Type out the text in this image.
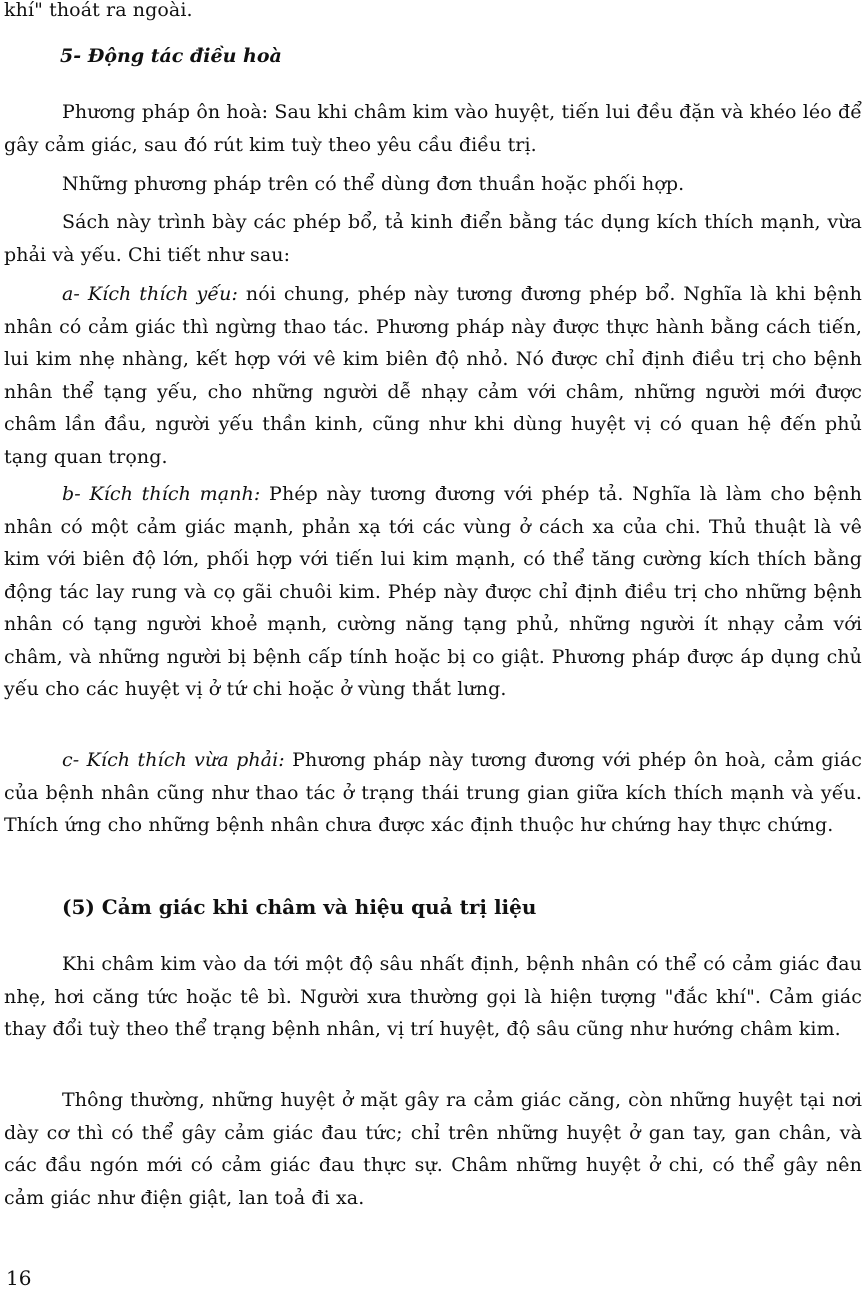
khí" thoát ra ngoài.

5- Động tác điều hoà

Phương pháp ôn hoà: Sau khi châm kim vào huyệt, tiến lui đều đặn và khéo léo để gây cảm giác, sau đó rút kim tuỳ theo yêu cầu điều trị.

Những phương pháp trên có thể dùng đơn thuần hoặc phối hợp.

Sách này trình bày các phép bổ, tả kinh điển bằng tác dụng kích thích mạnh, vừa phải và yếu. Chi tiết như sau:

a- Kích thích yếu: nói chung, phép này tương đương phép bổ. Nghĩa là khi bệnh nhân có cảm giác thì ngừng thao tác. Phương pháp này được thực hành bằng cách tiến, lui kim nhẹ nhàng, kết hợp với vê kim biên độ nhỏ. Nó được chỉ định điều trị cho bệnh nhân thể tạng yếu, cho những người dễ nhạy cảm với châm, những người mới được châm lần đầu, người yếu thần kinh, cũng như khi dùng huyệt vị có quan hệ đến phủ tạng quan trọng.

b- Kích thích mạnh: Phép này tương đương với phép tả. Nghĩa là làm cho bệnh nhân có một cảm giác mạnh, phản xạ tới các vùng ở cách xa của chi. Thủ thuật là vê kim với biên độ lớn, phối hợp với tiến lui kim mạnh, có thể tăng cường kích thích bằng động tác lay rung và cọ gãi chuôi kim. Phép này được chỉ định điều trị cho những bệnh nhân có tạng người khoẻ mạnh, cường năng tạng phủ, những người ít nhạy cảm với châm, và những người bị bệnh cấp tính hoặc bị co giật. Phương pháp được áp dụng chủ yếu cho các huyệt vị ở tứ chi hoặc ở vùng thắt lưng.

c- Kích thích vừa phải: Phương pháp này tương đương với phép ôn hoà, cảm giác của bệnh nhân cũng như thao tác ở trạng thái trung gian giữa kích thích mạnh và yếu. Thích ứng cho những bệnh nhân chưa được xác định thuộc hư chứng hay thực chứng.

(5) Cảm giác khi châm và hiệu quả trị liệu

Khi châm kim vào da tới một độ sâu nhất định, bệnh nhân có thể có cảm giác đau nhẹ, hơi căng tức hoặc tê bì. Người xưa thường gọi là hiện tượng "đắc khí". Cảm giác thay đổi tuỳ theo thể trạng bệnh nhân, vị trí huyệt, độ sâu cũng như hướng châm kim.

Thông thường, những huyệt ở mặt gây ra cảm giác căng, còn những huyệt tại nơi dày cơ thì có thể gây cảm giác đau tức; chỉ trên những huyệt ở gan tay, gan chân, và các đầu ngón mới có cảm giác đau thực sự. Châm những huyệt ở chi, có thể gây nên cảm giác như điện giật, lan toả đi xa.

16
